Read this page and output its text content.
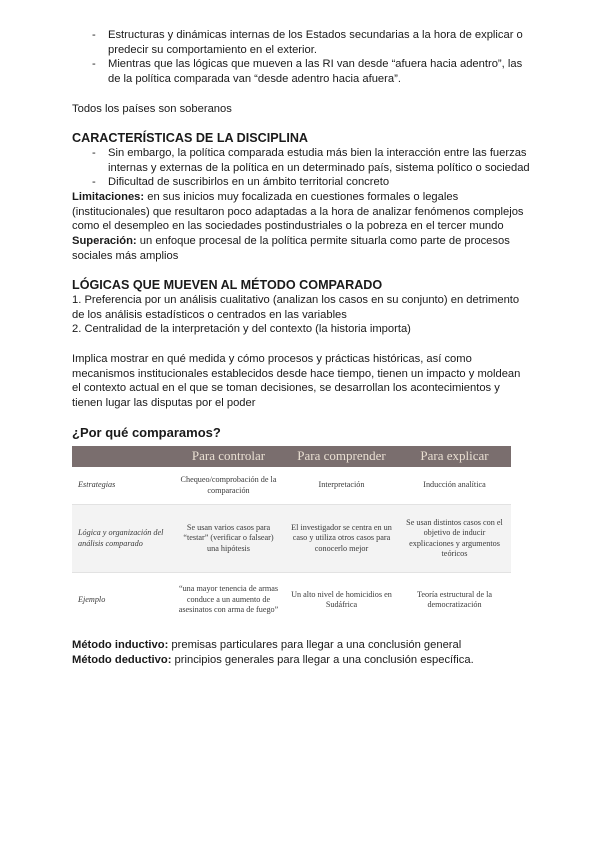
- Estructuras y dinámicas internas de los Estados secundarias a la hora de explicar o predecir su comportamiento en el exterior.
- Mientras que las lógicas que mueven a las RI van desde “afuera hacia adentro”, las de la política comparada van “desde adentro hacia afuera”.
Todos los países son soberanos
CARACTERÍSTICAS DE LA DISCIPLINA
- Sin embargo, la política comparada estudia más bien la interacción entre las fuerzas internas y externas de la política en un determinado país, sistema político o sociedad
- Dificultad de suscribirlos en un ámbito territorial concreto
Limitaciones: en sus inicios muy focalizada en cuestiones formales o legales (institucionales) que resultaron poco adaptadas a la hora de analizar fenómenos complejos como el desempleo en las sociedades postindustriales o la pobreza en el tercer mundo
Superación: un enfoque procesal de la política permite situarla como parte de procesos sociales más amplios
LÓGICAS QUE MUEVEN AL MÉTODO COMPARADO
1. Preferencia por un análisis cualitativo (analizan los casos en su conjunto) en detrimento de los análisis estadísticos o centrados en las variables
2. Centralidad de la interpretación y del contexto (la historia importa)
Implica mostrar en qué medida y cómo procesos y prácticas históricas, así como mecanismos institucionales establecidos desde hace tiempo, tienen un impacto y moldean el contexto actual en el que se toman decisiones, se desarrollan los acontecimientos y tienen lugar las disputas por el poder
¿Por qué comparamos?
	Para controlar	Para comprender	Para explicar
Estrategias	Chequeo/comprobación de la comparación	Interpretación	Inducción analítica
Lógica y organización del análisis comparado	Se usan varios casos para “testar” (verificar o falsear) una hipótesis	El investigador se centra en un caso y utiliza otros casos para conocerlo mejor	Se usan distintos casos con el objetivo de inducir explicaciones y argumentos teóricos
Ejemplo	“una mayor tenencia de armas conduce a un aumento de asesinatos con arma de fuego”	Un alto nivel de homicidios en Sudáfrica	Teoría estructural de la democratización
Método inductivo: premisas particulares para llegar a una conclusión general
Método deductivo: principios generales para llegar a una conclusión específica.
